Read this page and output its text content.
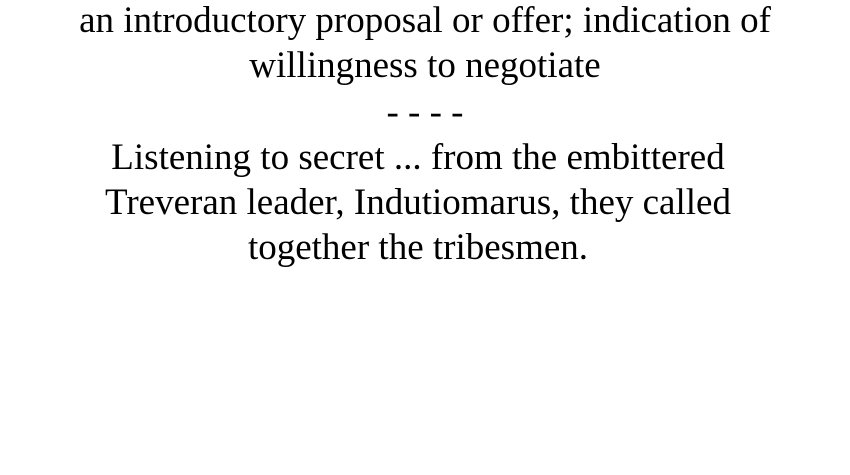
an introductory proposal or offer; indication of
willingness to negotiate

- - - -

Listening to secret ... from the embittered
Treveran leader, Indutiomarus, they called
together the tribesmen.
